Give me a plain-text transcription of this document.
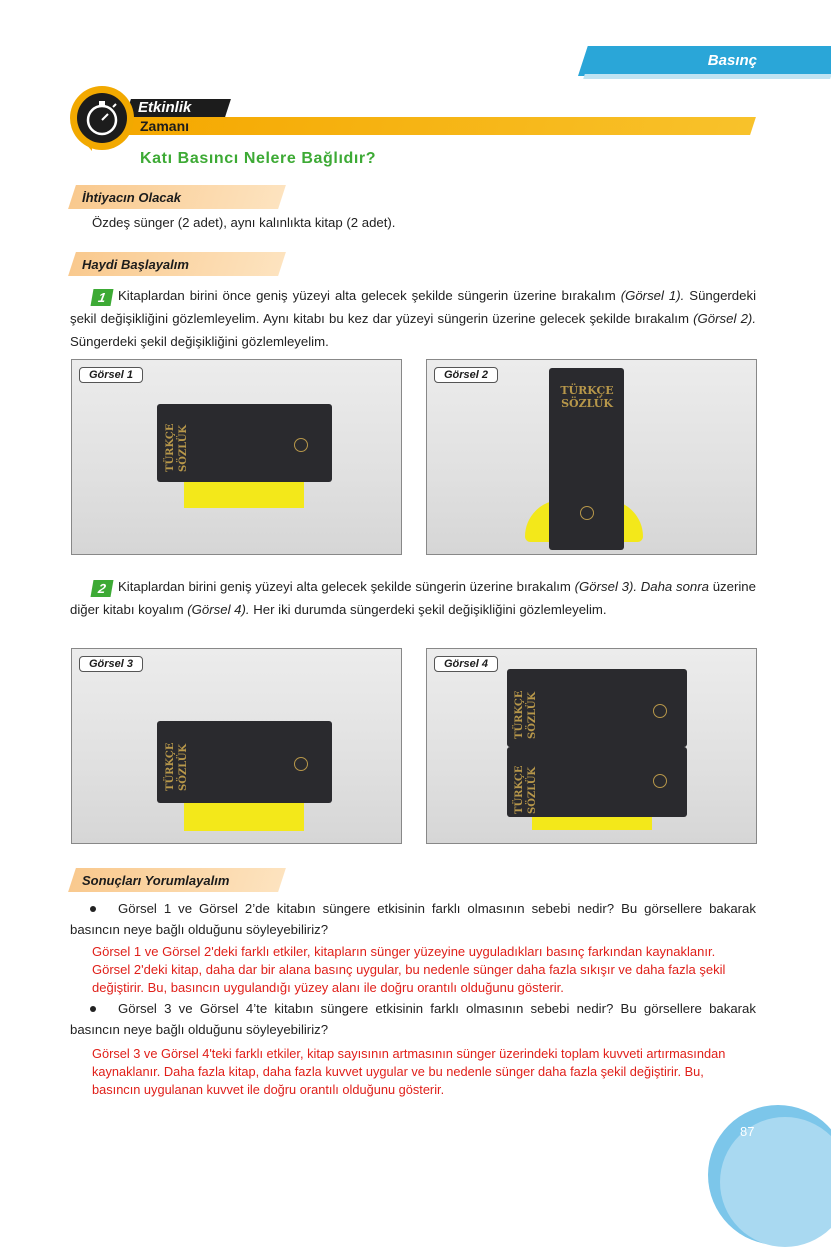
Basınç
Etkinlik
Zamanı
Katı Basıncı Nelere Bağlıdır?
İhtiyacın Olacak
Özdeş sünger (2 adet), aynı kalınlıkta kitap (2 adet).
Haydi Başlayalım
1 Kitaplardan birini önce geniş yüzeyi alta gelecek şekilde süngerin üzerine bırakalım (Görsel 1). Süngerdeki şekil değişikliğini gözlemleyelim. Aynı kitabı bu kez dar yüzeyi süngerin üzerine gelecek şekilde bırakalım (Görsel 2). Süngerdeki şekil değişikliğini gözlemleyelim.
TÜRKÇE SÖZLÜK
Görsel 1
TÜRKÇE
SÖZLÜK
Görsel 2
2 Kitaplardan birini geniş yüzeyi alta gelecek şekilde süngerin üzerine bırakalım (Görsel 3). Daha sonra üzerine diğer kitabı koyalım (Görsel 4). Her iki durumda süngerdeki şekil değişikliğini gözlemleyelim.
TÜRKÇE SÖZLÜK
Görsel 3
TÜRKÇE SÖZLÜK
TÜRKÇE SÖZLÜK
Görsel 4
Sonuçları Yorumlayalım
Görsel 1 ve Görsel 2’de kitabın süngere etkisinin farklı olmasının sebebi nedir? Bu görsellere bakarak basıncın neye bağlı olduğunu söyleyebiliriz?
Görsel 1 ve Görsel 2'deki farklı etkiler, kitapların sünger yüzeyine uyguladıkları basınç farkından kaynaklanır.
Görsel 2'deki kitap, daha dar bir alana basınç uygular, bu nedenle sünger daha fazla sıkışır ve daha fazla şekil
değiştirir. Bu, basıncın uygulandığı yüzey alanı ile doğru orantılı olduğunu gösterir.
Görsel 3 ve Görsel 4’te kitabın süngere etkisinin farklı olmasının sebebi nedir? Bu görsellere bakarak basıncın neye bağlı olduğunu söyleyebiliriz?
Görsel 3 ve Görsel 4'teki farklı etkiler, kitap sayısının artmasının sünger üzerindeki toplam kuvveti artırmasından
kaynaklanır. Daha fazla kitap, daha fazla kuvvet uygular ve bu nedenle sünger daha fazla şekil değiştirir. Bu,
basıncın uygulanan kuvvet ile doğru orantılı olduğunu gösterir.
87
